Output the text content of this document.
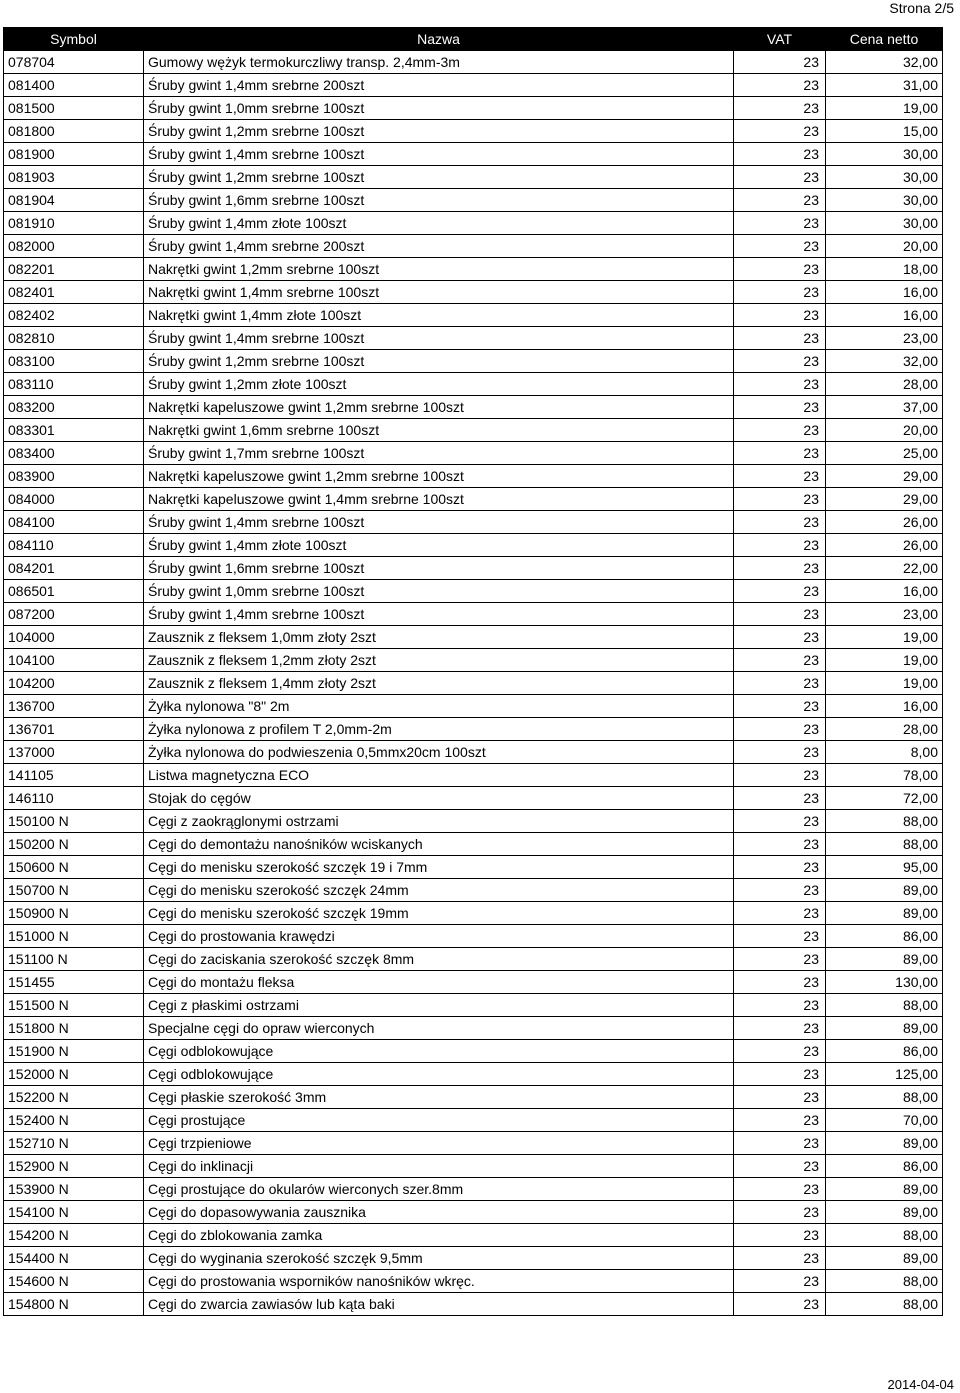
Strona 2/5
Symbol	Nazwa	VAT	Cena netto
078704	Gumowy wężyk termokurczliwy transp. 2,4mm-3m	23	32,00
081400	Śruby gwint 1,4mm srebrne 200szt	23	31,00
081500	Śruby gwint 1,0mm srebrne 100szt	23	19,00
081800	Śruby gwint 1,2mm srebrne 100szt	23	15,00
081900	Śruby gwint 1,4mm srebrne 100szt	23	30,00
081903	Śruby gwint 1,2mm srebrne 100szt	23	30,00
081904	Śruby gwint 1,6mm srebrne 100szt	23	30,00
081910	Śruby gwint 1,4mm złote 100szt	23	30,00
082000	Śruby gwint 1,4mm srebrne 200szt	23	20,00
082201	Nakrętki gwint 1,2mm srebrne 100szt	23	18,00
082401	Nakrętki gwint 1,4mm srebrne 100szt	23	16,00
082402	Nakrętki gwint 1,4mm złote 100szt	23	16,00
082810	Śruby gwint 1,4mm srebrne 100szt	23	23,00
083100	Śruby gwint 1,2mm srebrne 100szt	23	32,00
083110	Śruby gwint 1,2mm złote 100szt	23	28,00
083200	Nakrętki kapeluszowe gwint 1,2mm srebrne 100szt	23	37,00
083301	Nakrętki gwint 1,6mm srebrne 100szt	23	20,00
083400	Śruby gwint 1,7mm srebrne 100szt	23	25,00
083900	Nakrętki kapeluszowe gwint 1,2mm srebrne 100szt	23	29,00
084000	Nakrętki kapeluszowe gwint 1,4mm srebrne 100szt	23	29,00
084100	Śruby gwint 1,4mm srebrne 100szt	23	26,00
084110	Śruby gwint 1,4mm złote 100szt	23	26,00
084201	Śruby gwint 1,6mm srebrne 100szt	23	22,00
086501	Śruby gwint 1,0mm srebrne 100szt	23	16,00
087200	Śruby gwint 1,4mm srebrne 100szt	23	23,00
104000	Zausznik z fleksem 1,0mm złoty 2szt	23	19,00
104100	Zausznik z fleksem 1,2mm złoty 2szt	23	19,00
104200	Zausznik z fleksem 1,4mm złoty 2szt	23	19,00
136700	Żyłka nylonowa "8" 2m	23	16,00
136701	Żyłka nylonowa z profilem T 2,0mm-2m	23	28,00
137000	Żyłka nylonowa do podwieszenia 0,5mmx20cm 100szt	23	8,00
141105	Listwa magnetyczna ECO	23	78,00
146110	Stojak do cęgów	23	72,00
150100 N	Cęgi z zaokrąglonymi ostrzami	23	88,00
150200 N	Cęgi do demontażu nanośników wciskanych	23	88,00
150600 N	Cęgi do menisku szerokość szczęk 19 i 7mm	23	95,00
150700 N	Cęgi do menisku szerokość szczęk 24mm	23	89,00
150900 N	Cęgi do menisku szerokość szczęk 19mm	23	89,00
151000 N	Cęgi do prostowania krawędzi	23	86,00
151100 N	Cęgi do zaciskania szerokość szczęk 8mm	23	89,00
151455	Cęgi do montażu fleksa	23	130,00
151500 N	Cęgi z płaskimi ostrzami	23	88,00
151800 N	Specjalne cęgi do opraw wierconych	23	89,00
151900 N	Cęgi odblokowujące	23	86,00
152000 N	Cęgi odblokowujące	23	125,00
152200 N	Cęgi płaskie szerokość 3mm	23	88,00
152400 N	Cęgi prostujące	23	70,00
152710 N	Cęgi trzpieniowe	23	89,00
152900 N	Cęgi do inklinacji	23	86,00
153900 N	Cęgi prostujące do okularów wierconych szer.8mm	23	89,00
154100 N	Cęgi do dopasowywania zausznika	23	89,00
154200 N	Cęgi do zblokowania zamka	23	88,00
154400 N	Cęgi do wyginania szerokość szczęk 9,5mm	23	89,00
154600 N	Cęgi do prostowania wsporników nanośników wkręc.	23	88,00
154800 N	Cęgi do zwarcia zawiasów lub kąta baki	23	88,00
2014-04-04
